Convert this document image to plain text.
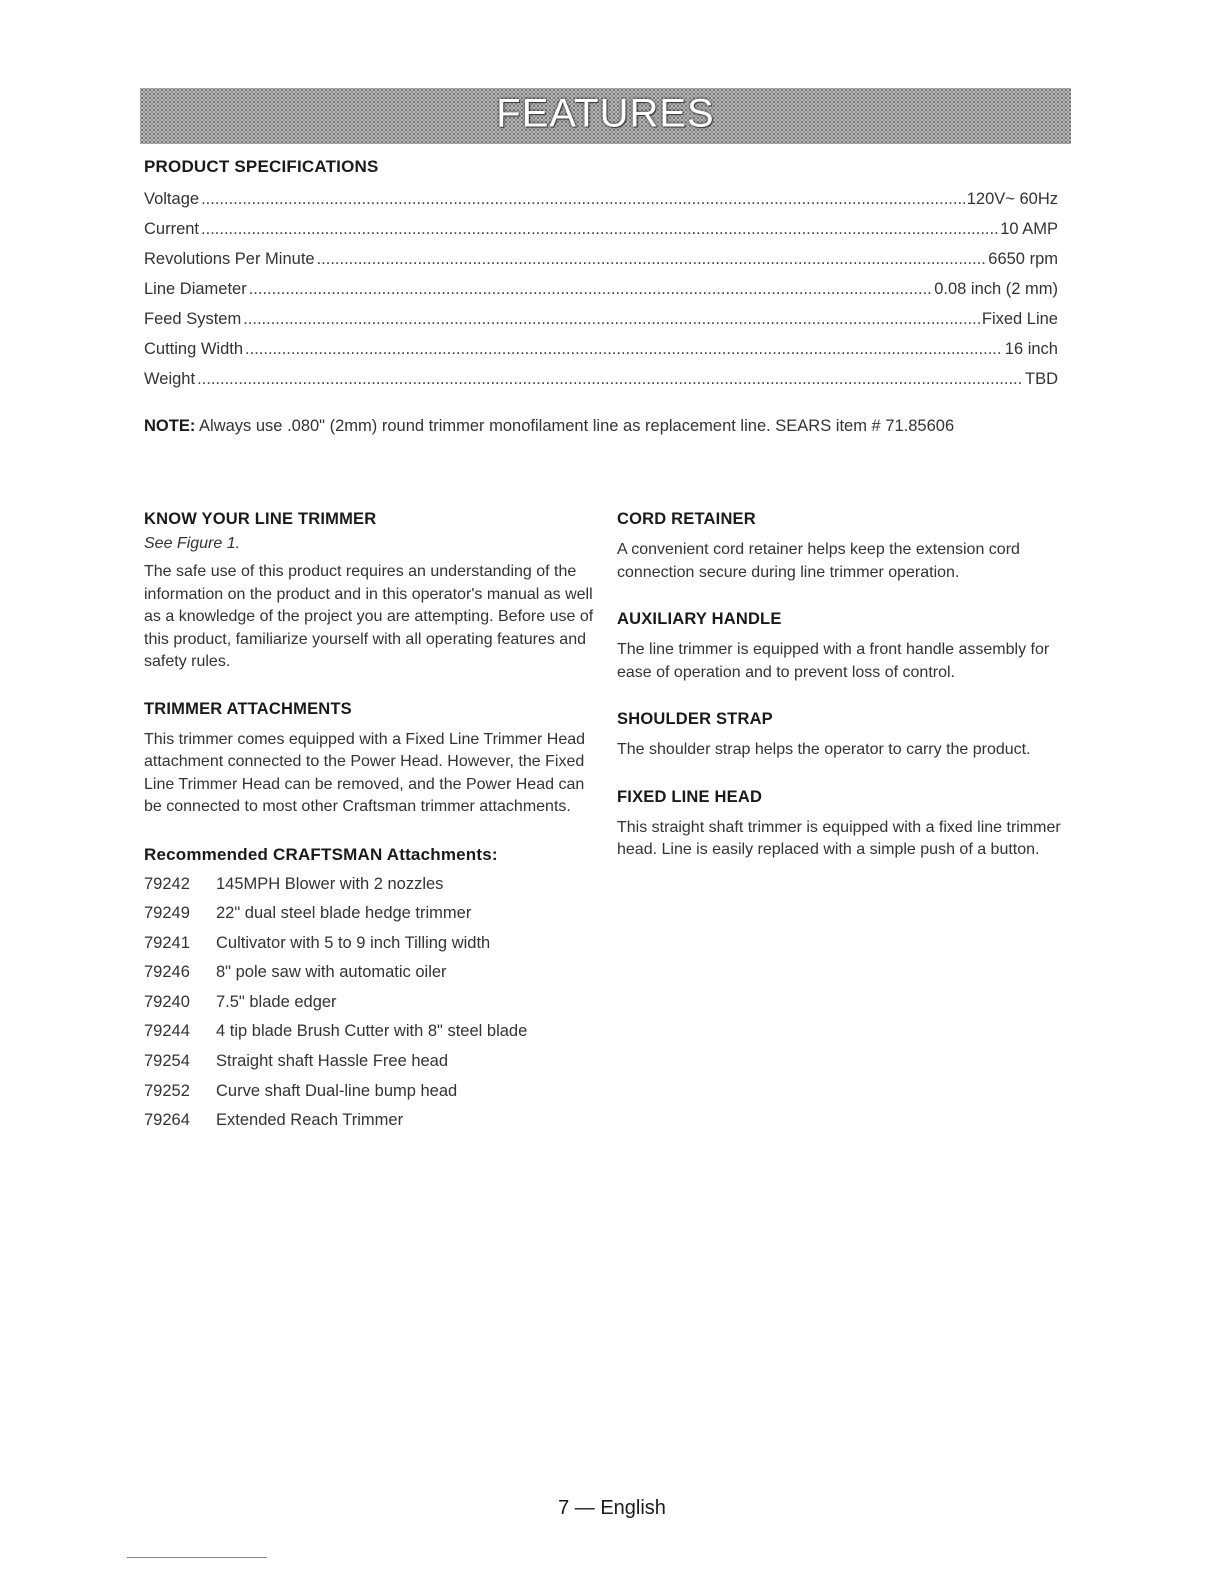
FEATURES
PRODUCT SPECIFICATIONS
Voltage .....	120V~ 60Hz
Current .....	10 AMP
Revolutions Per Minute .....	6650 rpm
Line Diameter .....	0.08 inch (2 mm)
Feed System .....	Fixed Line
Cutting Width .....	16 inch
Weight .....	TBD

NOTE: Always use .080" (2mm) round trimmer monofilament line as replacement line. SEARS item # 71.85606

KNOW YOUR LINE TRIMMER

See Figure 1.

The safe use of this product requires an understanding of the information on the product and in this operator's manual as well as a knowledge of the project you are attempting. Before use of this product, familiarize yourself with all operating features and safety rules.

TRIMMER ATTACHMENTS

This trimmer comes equipped with a Fixed Line Trimmer Head attachment connected to the Power Head. However, the Fixed Line Trimmer Head can be removed, and the Power Head can be connected to most other Craftsman trimmer attachments.

Recommended CRAFTSMAN Attachments:
79242	145MPH Blower with 2 nozzles
79249	22" dual steel blade hedge trimmer
79241	Cultivator with 5 to 9 inch Tilling width
79246	8" pole saw with automatic oiler
79240	7.5" blade edger
79244	4 tip blade Brush Cutter with 8" steel blade
79254	Straight shaft Hassle Free head
79252	Curve shaft Dual-line bump head
79264	Extended Reach Trimmer
CORD RETAINER

A convenient cord retainer helps keep the extension cord connection secure during line trimmer operation.

AUXILIARY HANDLE

The line trimmer is equipped with a front handle assembly for ease of operation and to prevent loss of control.

SHOULDER STRAP

The shoulder strap helps the operator to carry the product.

FIXED LINE HEAD

This straight shaft trimmer is equipped with a fixed line trimmer head. Line is easily replaced with a simple push of a button.

7 — English
